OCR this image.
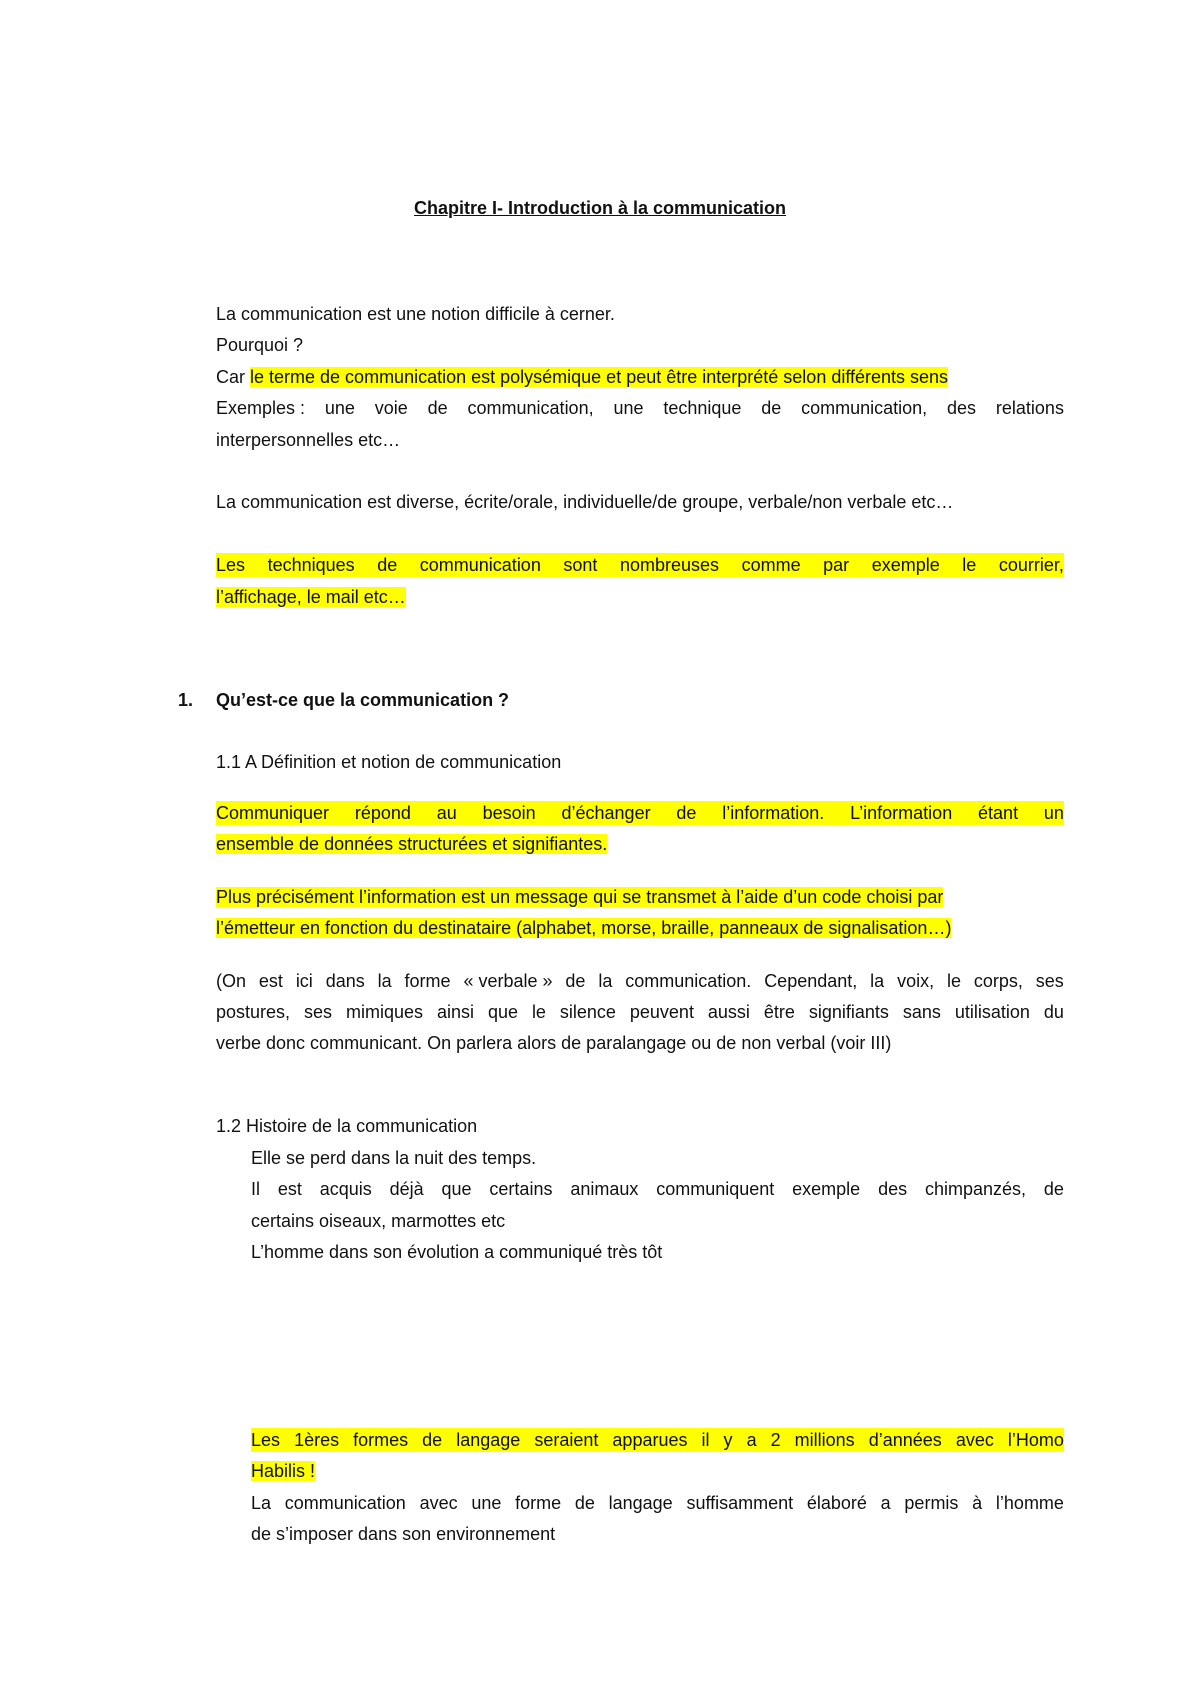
Chapitre I- Introduction à la communication
La communication est une notion difficile à cerner.
Pourquoi ?
Car le terme de communication est polysémique et peut être interprété selon différents sens
Exemples : une voie de communication, une technique de communication, des relations
interpersonnelles etc…
La communication est diverse, écrite/orale, individuelle/de groupe, verbale/non verbale etc…
Les techniques de communication sont nombreuses comme par exemple le courrier,
l’affichage, le mail etc…
1. Qu’est-ce que la communication ?
1.1 A Définition et notion de communication
Communiquer répond au besoin d’échanger de l’information. L’information étant un
ensemble de données structurées et signifiantes.
Plus précisément l’information est un message qui se transmet à l’aide d’un code choisi par
l’émetteur en fonction du destinataire (alphabet, morse, braille, panneaux de signalisation…)
(On est ici dans la forme « verbale » de la communication. Cependant, la voix, le corps, ses
postures, ses mimiques ainsi que le silence peuvent aussi être signifiants sans utilisation du
verbe donc communicant. On parlera alors de paralangage ou de non verbal (voir III)
1.2 Histoire de la communication
Elle se perd dans la nuit des temps.
Il est acquis déjà que certains animaux communiquent exemple des chimpanzés, de
certains oiseaux, marmottes etc
L’homme dans son évolution a communiqué très tôt
Les 1ères formes de langage seraient apparues il y a 2 millions d’années avec l’Homo
Habilis !
La communication avec une forme de langage suffisamment élaboré a permis à l’homme
de s’imposer dans son environnement
